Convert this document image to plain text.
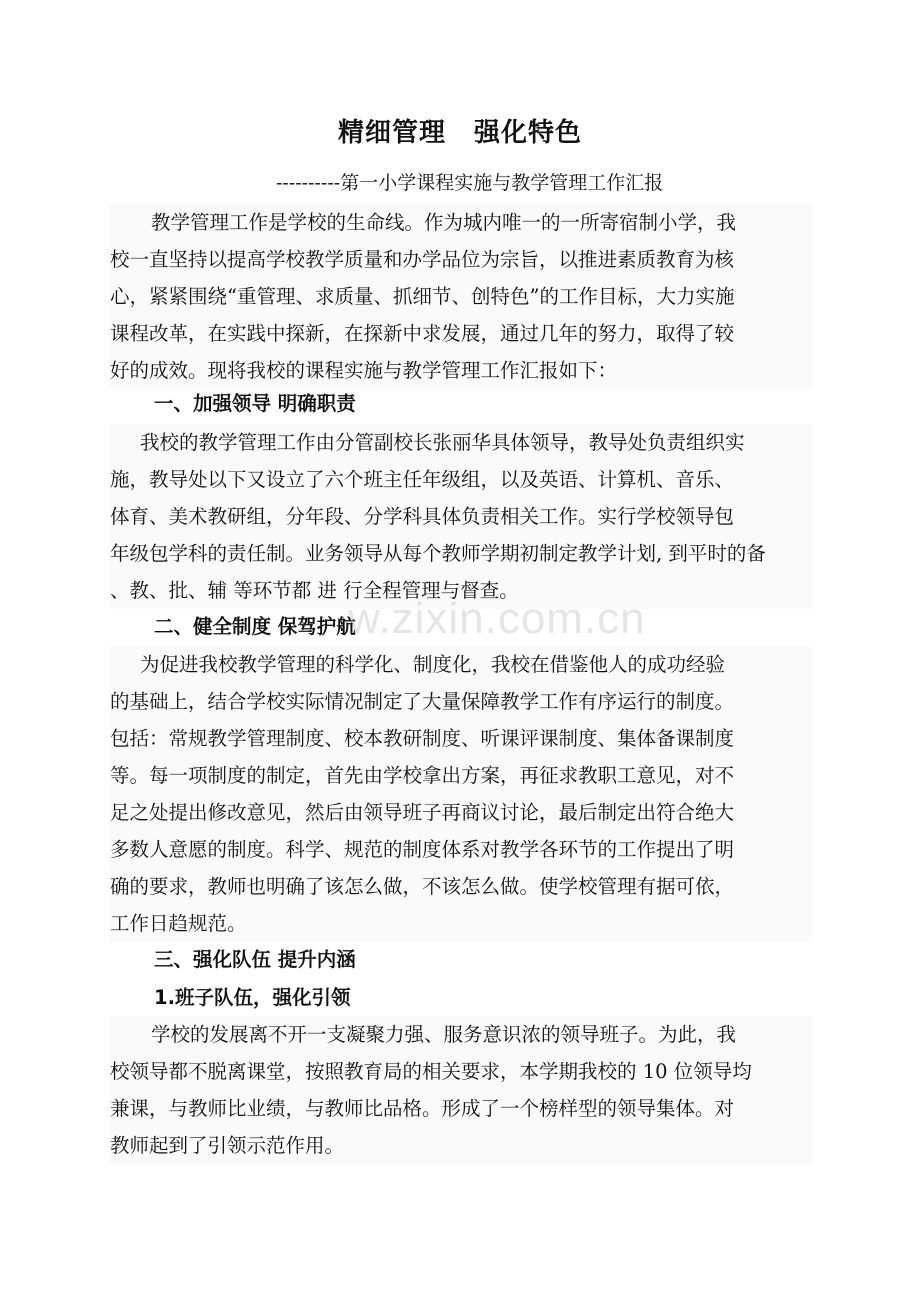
精细管理 强化特色
----------第一小学课程实施与教学管理工作汇报
教学管理工作是学校的生命线。作为城内唯一的一所寄宿制小学，我
校一直坚持以提高学校教学质量和办学品位为宗旨，以推进素质教育为核
心，紧紧围绕“重管理、求质量、抓细节、创特色”的工作目标，大力实施
课程改革，在实践中探新，在探新中求发展，通过几年的努力，取得了较
好的成效。现将我校的课程实施与教学管理工作汇报如下：
一、加强领导 明确职责
我校的教学管理工作由分管副校长张丽华具体领导，教导处负责组织实
施，教导处以下又设立了六个班主任年级组，以及英语、计算机、音乐、
体育、美术教研组，分年段、分学科具体负责相关工作。实行学校领导包
年级包学科的责任制。业务领导从每个教师学期初制定教学计划, 到平时的备
、教、批、辅 等环节都 进 行全程管理与督查。
二、健全制度 保驾护航
为促进我校教学管理的科学化、制度化，我校在借鉴他人的成功经验
的基础上，结合学校实际情况制定了大量保障教学工作有序运行的制度。
包括：常规教学管理制度、校本教研制度、听课评课制度、集体备课制度
等。每一项制度的制定，首先由学校拿出方案，再征求教职工意见，对不
足之处提出修改意见，然后由领导班子再商议讨论，最后制定出符合绝大
多数人意愿的制度。科学、规范的制度体系对教学各环节的工作提出了明
确的要求，教师也明确了该怎么做，不该怎么做。使学校管理有据可依，
工作日趋规范。
三、强化队伍 提升内涵
1.班子队伍，强化引领
学校的发展离不开一支凝聚力强、服务意识浓的领导班子。为此，我
校领导都不脱离课堂，按照教育局的相关要求，本学期我校的 10 位领导均
兼课，与教师比业绩，与教师比品格。形成了一个榜样型的领导集体。对
教师起到了引领示范作用。
w.zixin.com.cn
